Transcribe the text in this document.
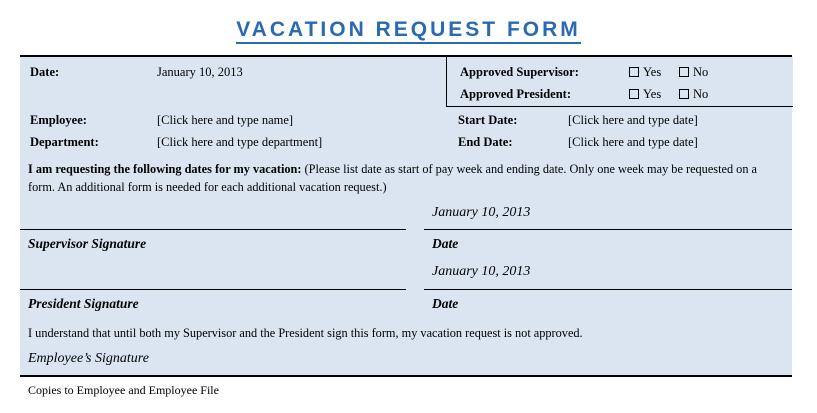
VACATION REQUEST FORM
Date:	January 10, 2013	Approved Supervisor:	Yes	No
Approved President:	Yes	No
Employee:	[Click here and type name]	Start Date:	[Click here and type date]
Department:	[Click here and type department]	End Date:	[Click here and type date]
I am requesting the following dates for my vacation: (Please list date as start of pay week and ending date. Only one week may be requested on a form. An additional form is needed for each additional vacation request.)
January 10, 2013
Supervisor Signature	Date
January 10, 2013
President Signature	Date
I understand that until both my Supervisor and the President sign this form, my vacation request is not approved.
Employee’s Signature
Copies to Employee and Employee File
